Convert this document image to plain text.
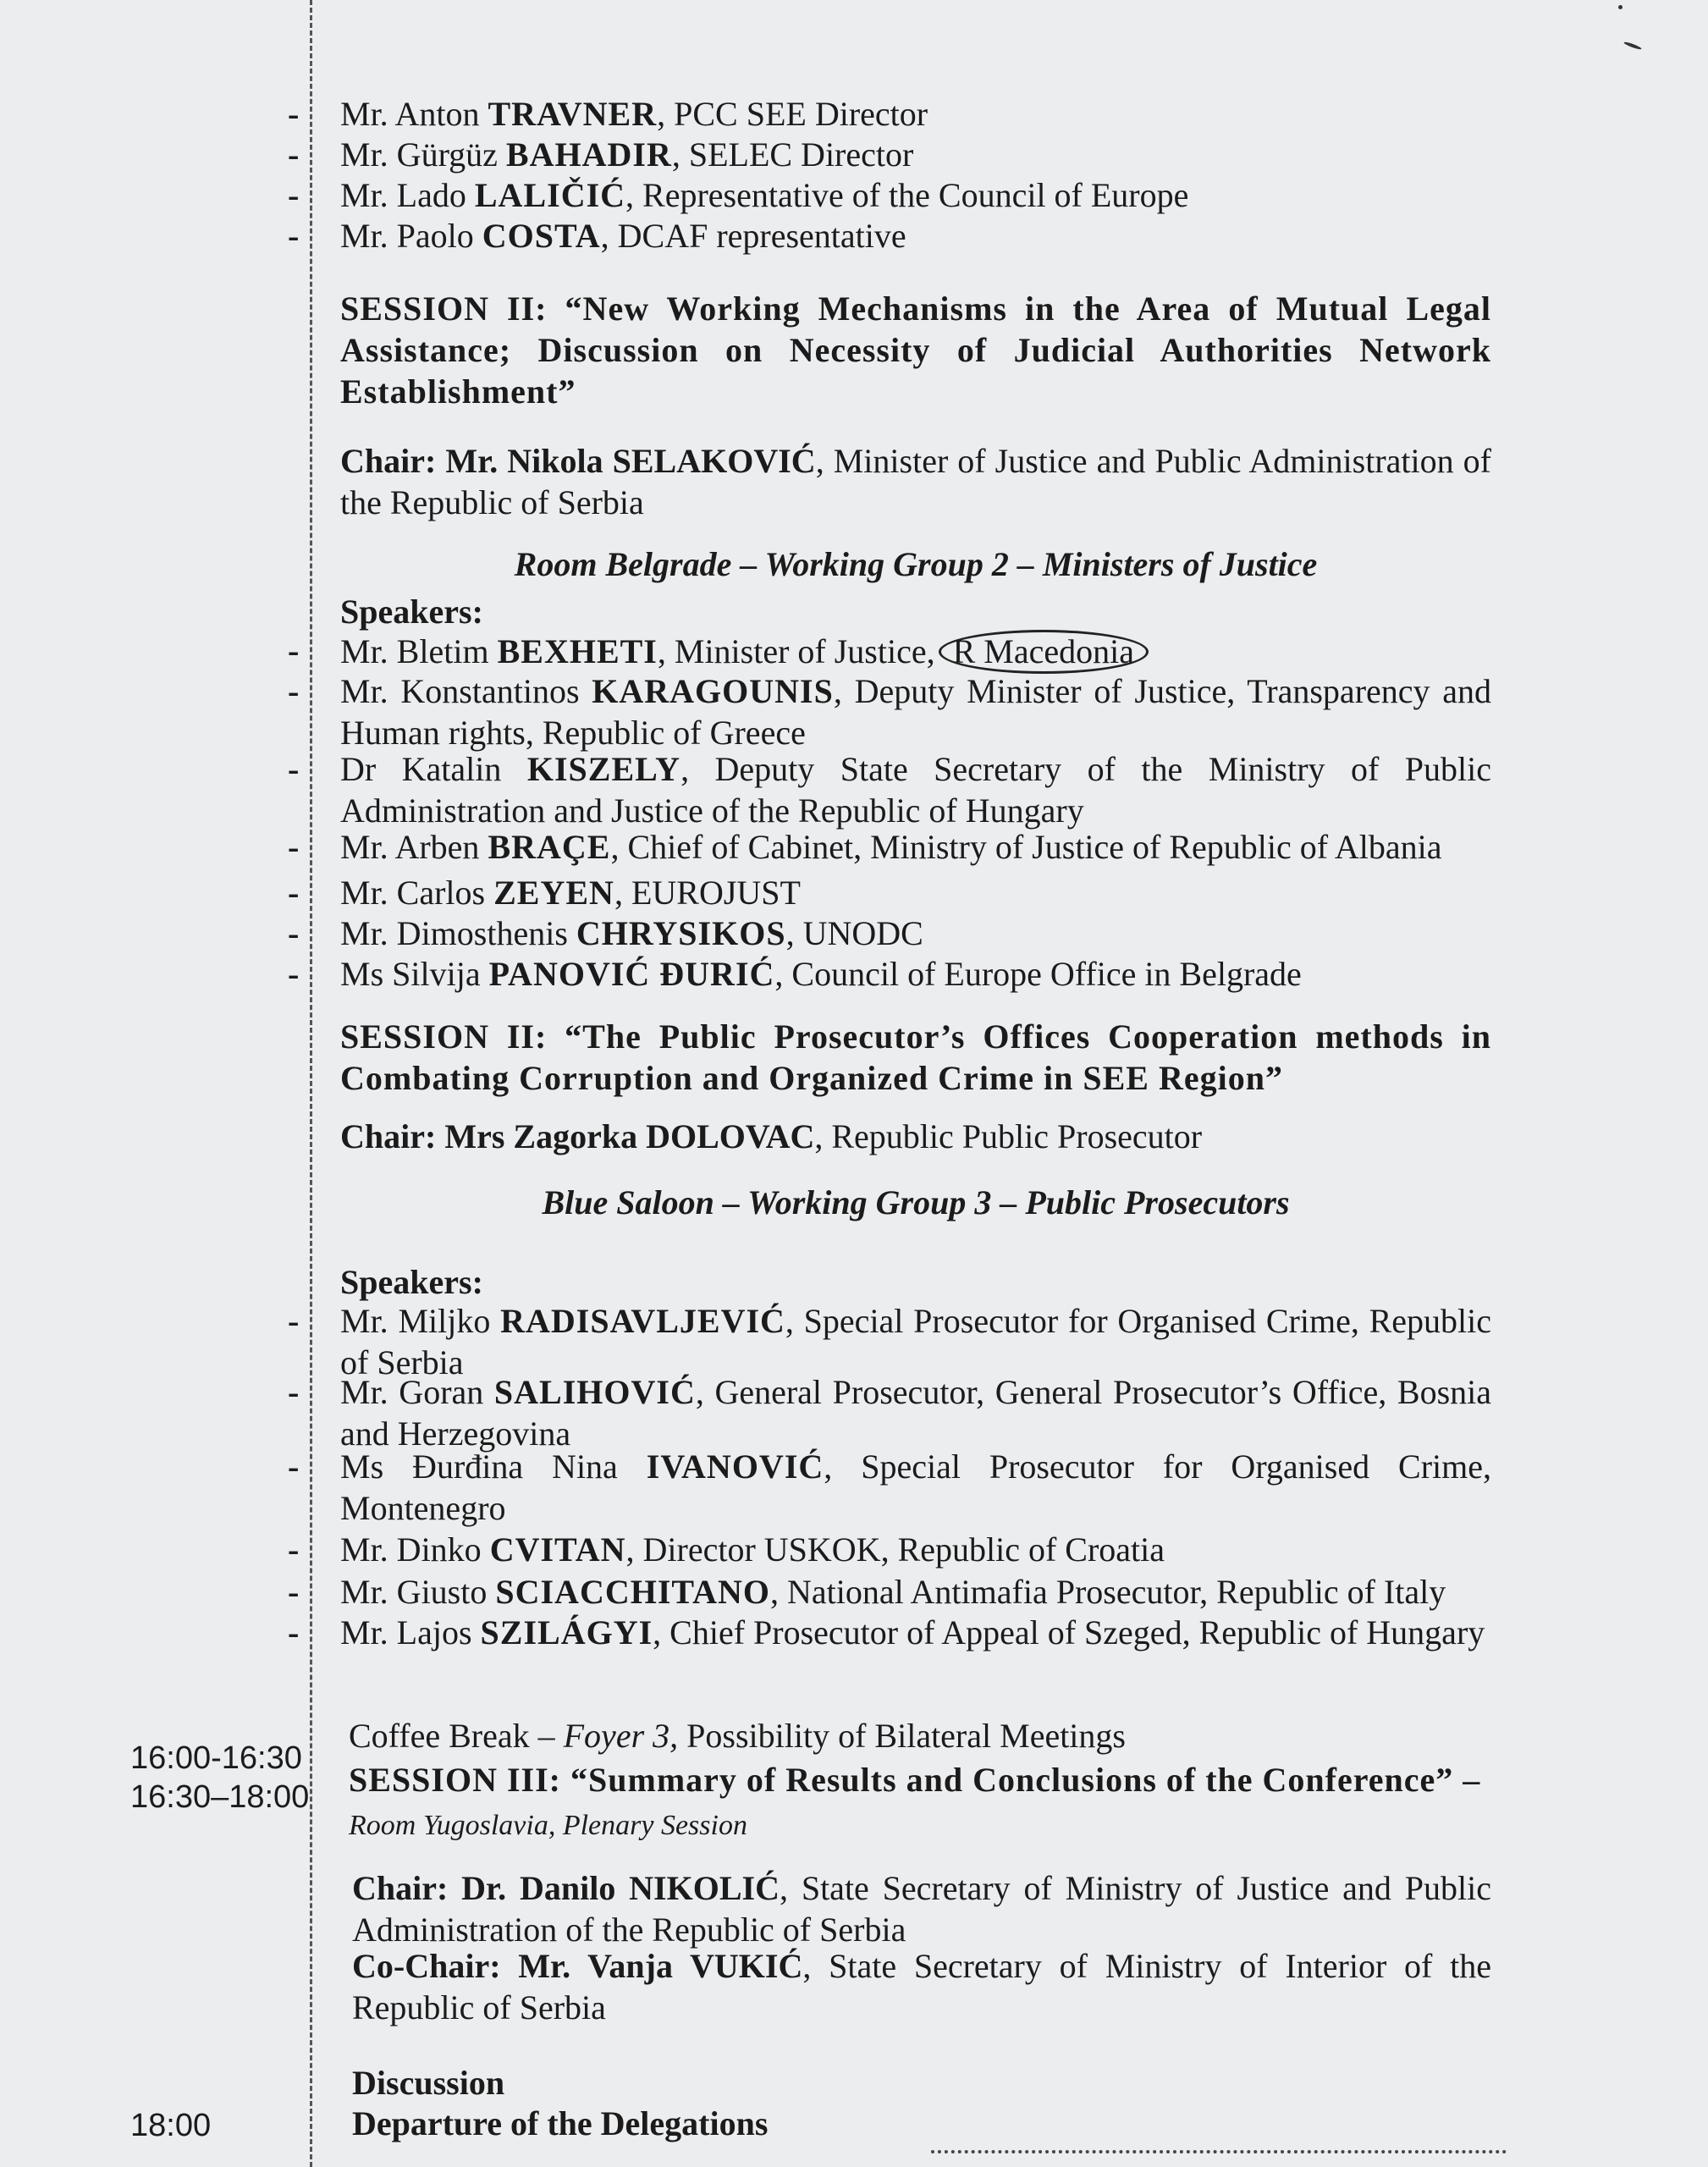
16:00-16:30
16:30–18:00
18:00
- Mr. Anton TRAVNER, PCC SEE Director
- Mr. Gürgüz BAHADIR, SELEC Director
- Mr. Lado LALIČIĆ, Representative of the Council of Europe
- Mr. Paolo COSTA, DCAF representative
SESSION II: “New Working Mechanisms in the Area of Mutual Legal Assistance; Discussion on Necessity of Judicial Authorities Network Establishment”
Chair: Mr. Nikola SELAKOVIĆ, Minister of Justice and Public Administration of the Republic of Serbia
Room Belgrade – Working Group 2 – Ministers of Justice
Speakers:
- Mr. Bletim BEXHETI, Minister of Justice, R Macedonia
- Mr. Konstantinos KARAGOUNIS, Deputy Minister of Justice, Transparency and Human rights, Republic of Greece
- Dr Katalin KISZELY, Deputy State Secretary of the Ministry of Public Administration and Justice of the Republic of Hungary
- Mr. Arben BRAÇE, Chief of Cabinet, Ministry of Justice of Republic of Albania
- Mr. Carlos ZEYEN, EUROJUST
- Mr. Dimosthenis CHRYSIKOS, UNODC
- Ms Silvija PANOVIĆ ĐURIĆ, Council of Europe Office in Belgrade
SESSION II: “The Public Prosecutor’s Offices Cooperation methods in Combating Corruption and Organized Crime in SEE Region”
Chair: Mrs Zagorka DOLOVAC, Republic Public Prosecutor
Blue Saloon – Working Group 3 – Public Prosecutors
Speakers:
- Mr. Miljko RADISAVLJEVIĆ, Special Prosecutor for Organised Crime, Republic of Serbia
- Mr. Goran SALIHOVIĆ, General Prosecutor, General Prosecutor’s Office, Bosnia and Herzegovina
- Ms Đurđina Nina IVANOVIĆ, Special Prosecutor for Organised Crime, Montenegro
- Mr. Dinko CVITAN, Director USKOK, Republic of Croatia
- Mr. Giusto SCIACCHITANO, National Antimafia Prosecutor, Republic of Italy
- Mr. Lajos SZILÁGYI, Chief Prosecutor of Appeal of Szeged, Republic of Hungary
Coffee Break – Foyer 3, Possibility of Bilateral Meetings
SESSION III: “Summary of Results and Conclusions of the Conference” –
Room Yugoslavia, Plenary Session
Chair: Dr. Danilo NIKOLIĆ, State Secretary of Ministry of Justice and Public Administration of the Republic of Serbia
Co-Chair: Mr. Vanja VUKIĆ, State Secretary of Ministry of Interior of the Republic of Serbia
Discussion
Departure of the Delegations
